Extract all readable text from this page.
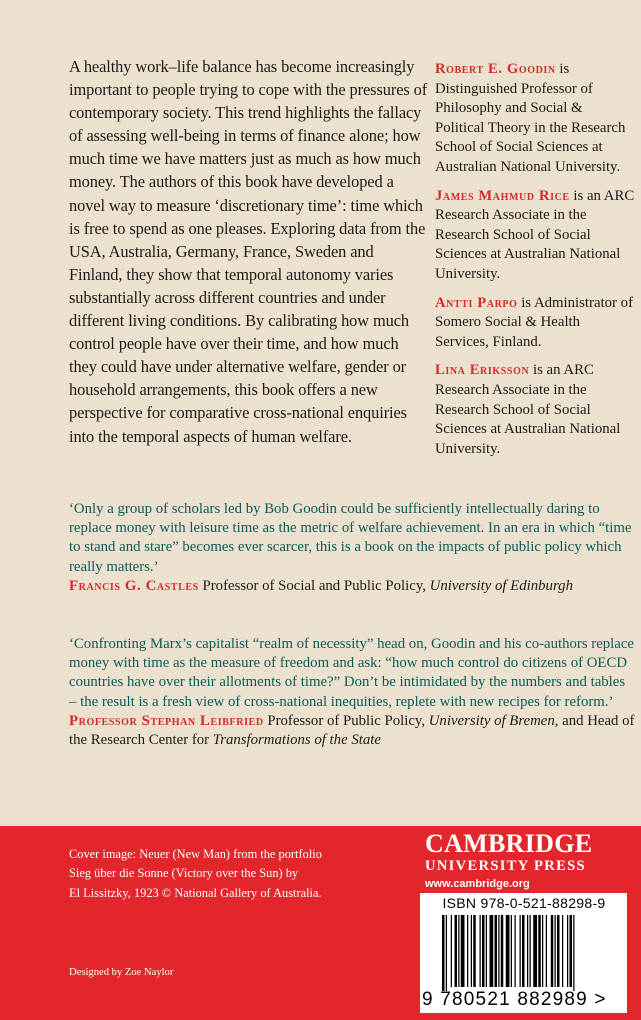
A healthy work–life balance has become increasingly important to people trying to cope with the pressures of contemporary society. This trend highlights the fallacy of assessing well-being in terms of finance alone; how much time we have matters just as much as how much money. The authors of this book have developed a novel way to measure ‘discretionary time’: time which is free to spend as one pleases. Exploring data from the USA, Australia, Germany, France, Sweden and Finland, they show that temporal autonomy varies substantially across different countries and under different living conditions. By calibrating how much control people have over their time, and how much they could have under alternative welfare, gender or household arrangements, this book offers a new perspective for comparative cross-national enquiries into the temporal aspects of human welfare.

Robert E. Goodin is Distinguished Professor of Philosophy and Social & Political Theory in the Research School of Social Sciences at Australian National University.

James Mahmud Rice is an ARC Research Associate in the Research School of Social Sciences at Australian National University.

Antti Parpo is Administrator of Somero Social & Health Services, Finland.

Lina Eriksson is an ARC Research Associate in the Research School of Social Sciences at Australian National University.

‘Only a group of scholars led by Bob Goodin could be sufficiently intellectually daring to replace money with leisure time as the metric of welfare achievement. In an era in which “time to stand and stare” becomes ever scarcer, this is a book on the impacts of public policy which really matters.’

Francis G. Castles Professor of Social and Public Policy, University of Edinburgh

‘Confronting Marx’s capitalist “realm of necessity” head on, Goodin and his co-authors replace money with time as the measure of freedom and ask: “how much control do citizens of OECD countries have over their allotments of time?” Don’t be intimidated by the numbers and tables – the result is a fresh view of cross-national inequities, replete with new recipes for reform.’

Professor Stephan Leibfried Professor of Public Policy, University of Bremen, and Head of the Research Center for Transformations of the State

Cover image: Neuer (New Man) from the portfolio
Sieg über die Sonne (Victory over the Sun) by
El Lissitzky, 1923 © National Gallery of Australia.
Designed by Zoe Naylor
CAMBRIDGE
UNIVERSITY PRESS
www.cambridge.org
ISBN 978-0-521-88298-9
9 780521 882989 >
